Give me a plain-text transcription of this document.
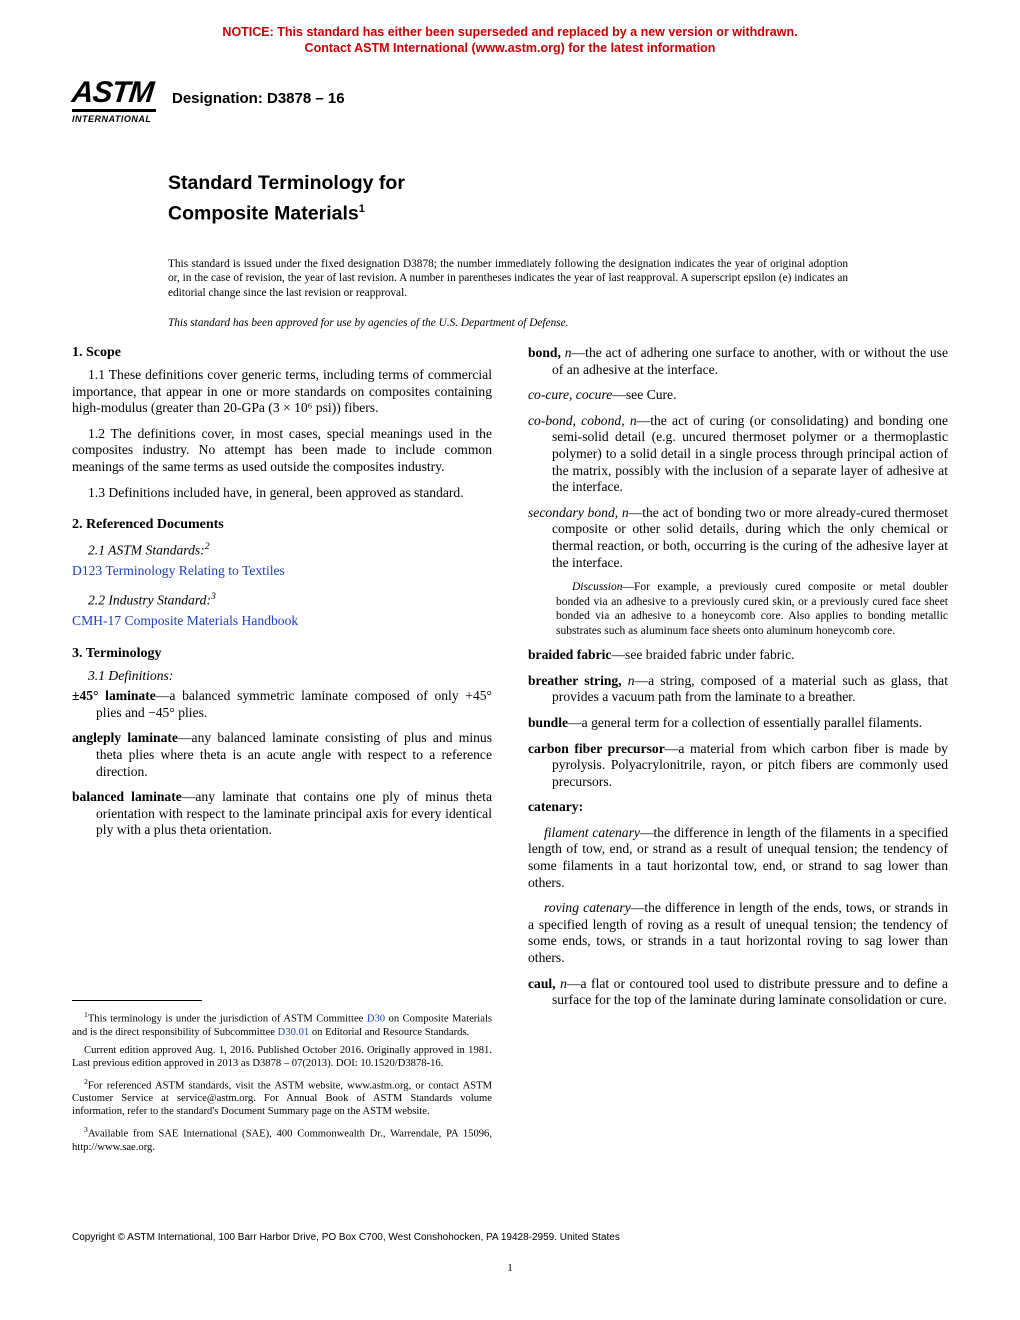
NOTICE: This standard has either been superseded and replaced by a new version or withdrawn.
Contact ASTM International (www.astm.org) for the latest information
ASTM
INTERNATIONAL
Designation: D3878 – 16
Standard Terminology for
Composite Materials$^1$
This standard is issued under the fixed designation D3878; the number immediately following the designation indicates the year of original adoption or, in the case of revision, the year of last revision. A number in parentheses indicates the year of last reapproval. A superscript epsilon (e) indicates an editorial change since the last revision or reapproval.
This standard has been approved for use by agencies of the U.S. Department of Defense.

1. Scope

1.1 These definitions cover generic terms, including terms of commercial importance, that appear in one or more standards on composites containing high-modulus (greater than 20-GPa (3 × 10⁶ psi)) fibers.

1.2 The definitions cover, in most cases, special meanings used in the composites industry. No attempt has been made to include common meanings of the same terms as used outside the composites industry.

1.3 Definitions included have, in general, been approved as standard.

2. Referenced Documents

2.1 ASTM Standards:$^2$

D123 Terminology Relating to Textiles

2.2 Industry Standard:$^3$

CMH-17 Composite Materials Handbook

3. Terminology

3.1 Definitions:

±45° laminate—a balanced symmetric laminate composed of only +45° plies and −45° plies.

angleply laminate—any balanced laminate consisting of plus and minus theta plies where theta is an acute angle with respect to a reference direction.

balanced laminate—any laminate that contains one ply of minus theta orientation with respect to the laminate principal axis for every identical ply with a plus theta orientation.

bond, n—the act of adhering one surface to another, with or without the use of an adhesive at the interface.

co-cure, cocure—see Cure.

co-bond, cobond, n—the act of curing (or consolidating) and bonding one semi-solid detail (e.g. uncured thermoset polymer or a thermoplastic polymer) to a solid detail in a single process through principal action of the matrix, possibly with the inclusion of a separate layer of adhesive at the interface.

secondary bond, n—the act of bonding two or more already-cured thermoset composite or other solid details, during which the only chemical or thermal reaction, or both, occurring is the curing of the adhesive layer at the interface.

Discussion—For example, a previously cured composite or metal doubler bonded via an adhesive to a previously cured skin, or a previously cured face sheet bonded via an adhesive to a honeycomb core. Also applies to bonding metallic substrates such as aluminum face sheets onto aluminum honeycomb core.

braided fabric—see braided fabric under fabric.

breather string, n—a string, composed of a material such as glass, that provides a vacuum path from the laminate to a breather.

bundle—a general term for a collection of essentially parallel filaments.

carbon fiber precursor—a material from which carbon fiber is made by pyrolysis. Polyacrylonitrile, rayon, or pitch fibers are commonly used precursors.

catenary:

filament catenary—the difference in length of the filaments in a specified length of tow, end, or strand as a result of unequal tension; the tendency of some filaments in a taut horizontal tow, end, or strand to sag lower than others.

roving catenary—the difference in length of the ends, tows, or strands in a specified length of roving as a result of unequal tension; the tendency of some ends, tows, or strands in a taut horizontal roving to sag lower than others.

caul, n—a flat or contoured tool used to distribute pressure and to define a surface for the top of the laminate during laminate consolidation or cure.

$^1$This terminology is under the jurisdiction of ASTM Committee D30 on Composite Materials and is the direct responsibility of Subcommittee D30.01 on Editorial and Resource Standards.

Current edition approved Aug. 1, 2016. Published October 2016. Originally approved in 1981. Last previous edition approved in 2013 as D3878 – 07(2013). DOI: 10.1520/D3878-16.

$^2$For referenced ASTM standards, visit the ASTM website, www.astm.org, or contact ASTM Customer Service at service@astm.org. For Annual Book of ASTM Standards volume information, refer to the standard's Document Summary page on the ASTM website.

$^3$Available from SAE International (SAE), 400 Commonwealth Dr., Warrendale, PA 15096, http://www.sae.org.

Copyright © ASTM International, 100 Barr Harbor Drive, PO Box C700, West Conshohocken, PA 19428-2959. United States
1
